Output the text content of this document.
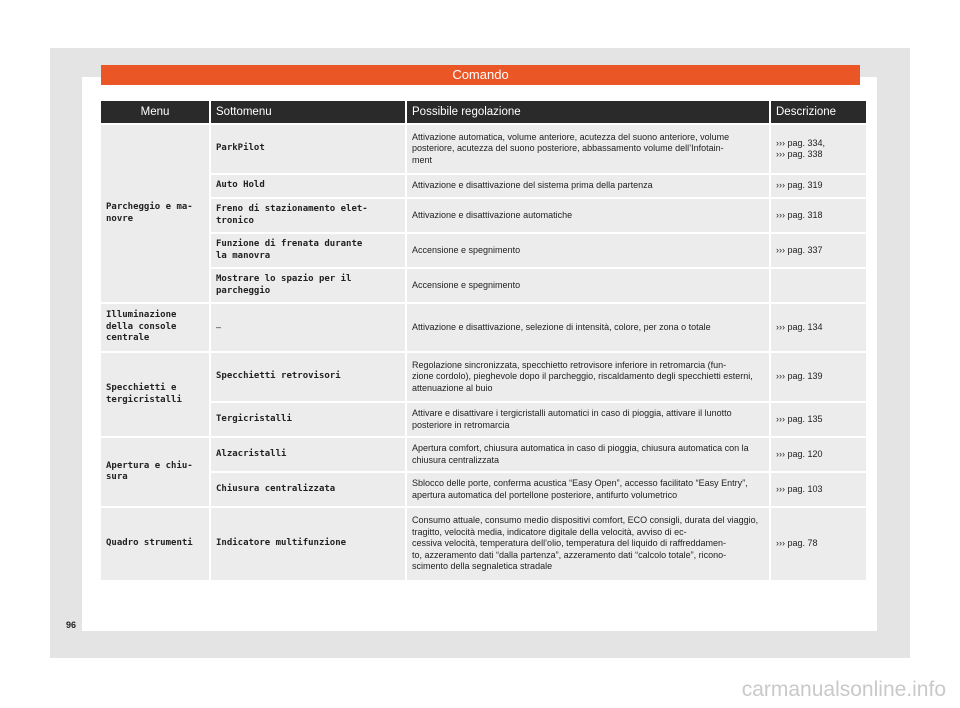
Comando
Menu	Sottomenu	Possibile regolazione	Descrizione
Parcheggio e ma-
novre	ParkPilot	Attivazione automatica, volume anteriore, acutezza del suono anteriore, volume posteriore, acutezza del suono posteriore, abbassamento volume dell’Infotain-
ment	››› pag. 334,
››› pag. 338
	Auto Hold	Attivazione e disattivazione del sistema prima della partenza	››› pag. 319
	Freno di stazionamento elet-
tronico	Attivazione e disattivazione automatiche	››› pag. 318
	Funzione di frenata durante
la manovra	Accensione e spegnimento	››› pag. 337
	Mostrare lo spazio per il
parcheggio	Accensione e spegnimento	
Illuminazione
della console
centrale	–	Attivazione e disattivazione, selezione di intensità, colore, per zona o totale	››› pag. 134
Specchietti e
tergicristalli	Specchietti retrovisori	Regolazione sincronizzata, specchietto retrovisore inferiore in retromarcia (fun-
zione cordolo), pieghevole dopo il parcheggio, riscaldamento degli specchietti esterni, attenuazione al buio	››› pag. 139
	Tergicristalli	Attivare e disattivare i tergicristalli automatici in caso di pioggia, attivare il lunotto posteriore in retromarcia	››› pag. 135
Apertura e chiu-
sura	Alzacristalli	Apertura comfort, chiusura automatica in caso di pioggia, chiusura automatica con la chiusura centralizzata	››› pag. 120
	Chiusura centralizzata	Sblocco delle porte, conferma acustica “Easy Open”, accesso facilitato “Easy Entry”, apertura automatica del portellone posteriore, antifurto volumetrico	››› pag. 103
Quadro strumenti	Indicatore multifunzione	Consumo attuale, consumo medio dispositivi comfort, ECO consigli, durata del viaggio, tragitto, velocità media, indicatore digitale della velocità, avviso di ec-
cessiva velocità, temperatura dell’olio, temperatura del liquido di raffreddamen-
to, azzeramento dati “dalla partenza”, azzeramento dati “calcolo totale”, ricono-
scimento della segnaletica stradale	››› pag. 78
96
carmanualsonline.info
